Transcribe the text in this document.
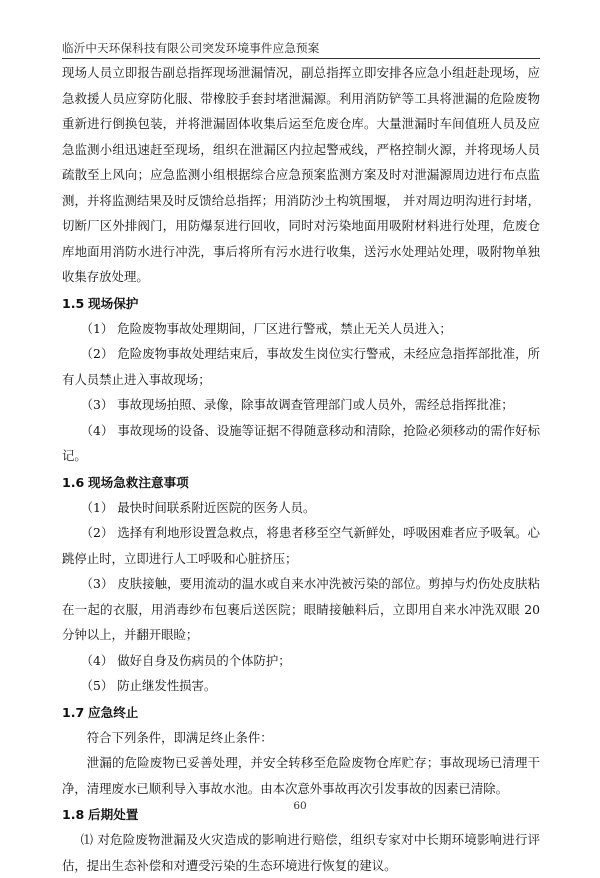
临沂中天环保科技有限公司突发环境事件应急预案

现场人员立即报告副总指挥现场泄漏情况，副总指挥立即安排各应急小组赶赴现场，应急救援人员应穿防化服、带橡胶手套封堵泄漏源。利用消防铲等工具将泄漏的危险废物重新进行倒换包装，并将泄漏固体收集后运至危废仓库。大量泄漏时车间值班人员及应急监测小组迅速赶至现场，组织在泄漏区内拉起警戒线，严格控制火源，并将现场人员疏散至上风向；应急监测小组根据综合应急预案监测方案及时对泄漏源周边进行布点监测，并将监测结果及时反馈给总指挥；用消防沙土构筑围堰， 并对周边明沟进行封堵，切断厂区外排阀门，用防爆泵进行回收，同时对污染地面用吸附材料进行处理，危废仓库地面用消防水进行冲洗，事后将所有污水进行收集，送污水处理站处理，吸附物单独收集存放处理。

1.5 现场保护

（1） 危险废物事故处理期间，厂区进行警戒，禁止无关人员进入；

（2） 危险废物事故处理结束后，事故发生岗位实行警戒，未经应急指挥部批准，所有人员禁止进入事故现场；

（3） 事故现场拍照、录像，除事故调查管理部门或人员外，需经总指挥批准；

（4） 事故现场的设备、设施等证据不得随意移动和清除，抢险必须移动的需作好标记。

1.6 现场急救注意事项

（1） 最快时间联系附近医院的医务人员。

（2） 选择有利地形设置急救点，将患者移至空气新鲜处，呼吸困难者应予吸氧。心跳停止时，立即进行人工呼吸和心脏挤压；

（3） 皮肤接触，要用流动的温水或自来水冲洗被污染的部位。剪掉与灼伤处皮肤粘在一起的衣服，用消毒纱布包裹后送医院；眼睛接触料后，立即用自来水冲洗双眼 20 分钟以上，并翻开眼睑；

（4） 做好自身及伤病员的个体防护；

（5） 防止继发性损害。

1.7 应急终止

符合下列条件，即满足终止条件：

泄漏的危险废物已妥善处理，并安全转移至危险废物仓库贮存；事故现场已清理干净，清理废水已顺利导入事故水池。由本次意外事故再次引发事故的因素已清除。

1.8 后期处置

⑴ 对危险废物泄漏及火灾造成的影响进行赔偿，组织专家对中长期环境影响进行评估，提出生态补偿和对遭受污染的生态环境进行恢复的建议。

60
